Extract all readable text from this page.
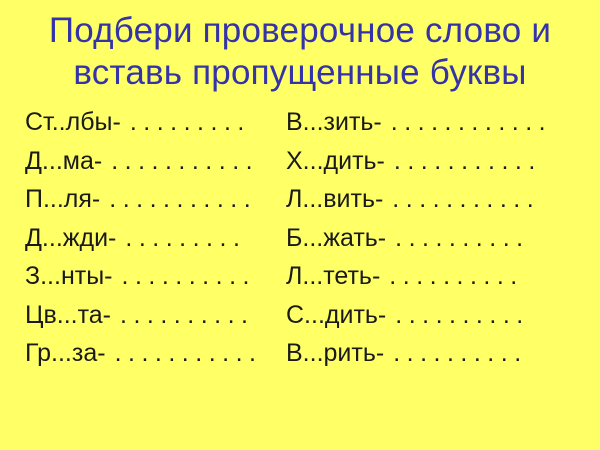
Подбери проверочное слово и
вставь пропущенные буквы
Ст..лбы- ......... В...зить- ............
Д...ма- ........... Х...дить- ...........
П...ля- ........... Л...вить- ...........
Д...жди- ......... Б...жать- ..........
З...нты- .......... Л...теть- ..........
Цв...та- .......... С...дить- ..........
Гр...за- ........... В...рить- ..........
